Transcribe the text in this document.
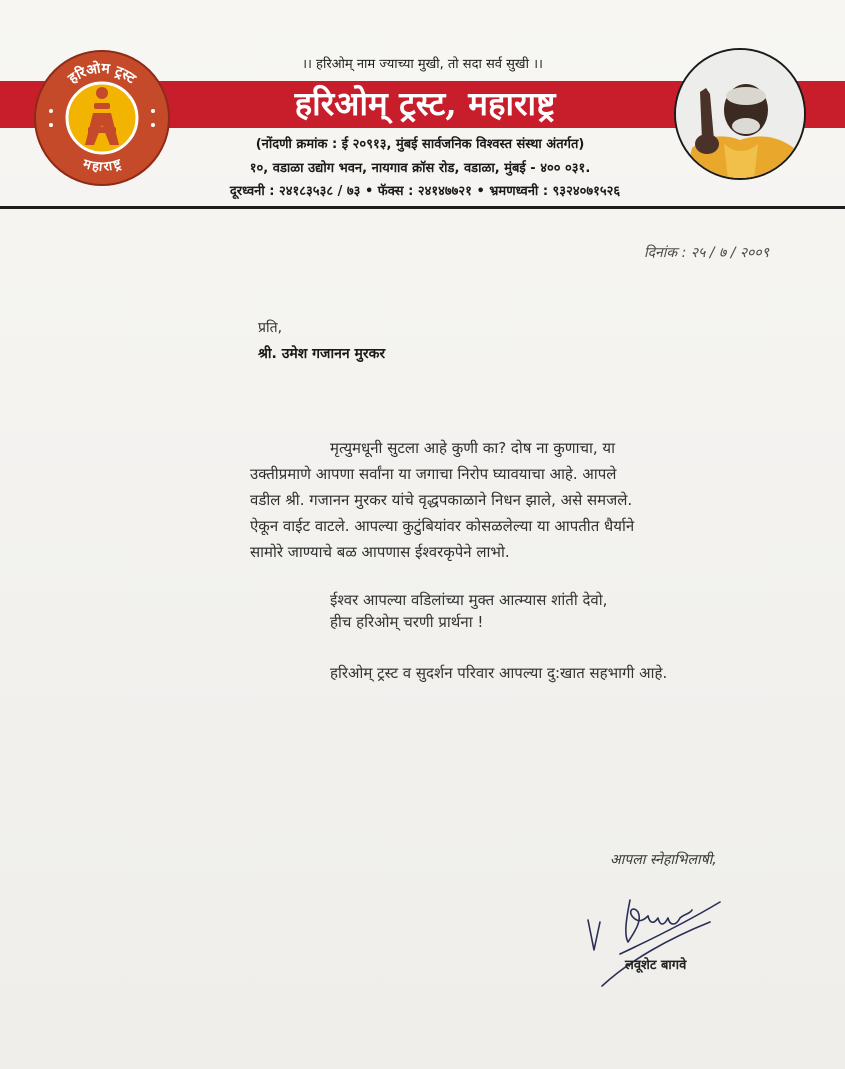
।। हरिओम् नाम ज्याच्या मुखी, तो सदा सर्व सुखी ।।
हरिओम् ट्रस्ट, महाराष्ट्र
हरिओम ट्रस्ट
महाराष्ट्र
(नोंदणी क्रमांक : ई २०९१३, मुंबई सार्वजनिक विश्वस्त संस्था अंतर्गत)
१०, वडाळा उद्योग भवन, नायगाव क्रॉस रोड, वडाळा, मुंबई - ४०० ०३१.
दूरध्वनी : २४१८३५३८ / ७३ • फॅक्स : २४१४७७२१ • भ्रमणध्वनी : ९३२४०७१५२६
दिनांक : २५ / ७ / २००९
प्रति,
श्री. उमेश गजानन मुरकर
मृत्युमधूनी सुटला आहे कुणी का? दोष ना कुणाचा, या
उक्तीप्रमाणे आपणा सर्वांना या जगाचा निरोप घ्यावयाचा आहे. आपले
वडील श्री. गजानन मुरकर यांचे वृद्धपकाळाने निधन झाले, असे समजले.
ऐकून वाईट वाटले. आपल्या कुटुंबियांवर कोसळलेल्या या आपतीत धैर्याने
सामोरे जाण्याचे बळ आपणास ईश्वरकृपेने लाभो.
ईश्वर आपल्या वडिलांच्या मुक्त आत्म्यास शांती देवो,
हीच हरिओम् चरणी प्रार्थना !
हरिओम् ट्रस्ट व सुदर्शन परिवार आपल्या दु:खात सहभागी आहे.
आपला स्नेहाभिलाषी,
लवूशेट बागवे
